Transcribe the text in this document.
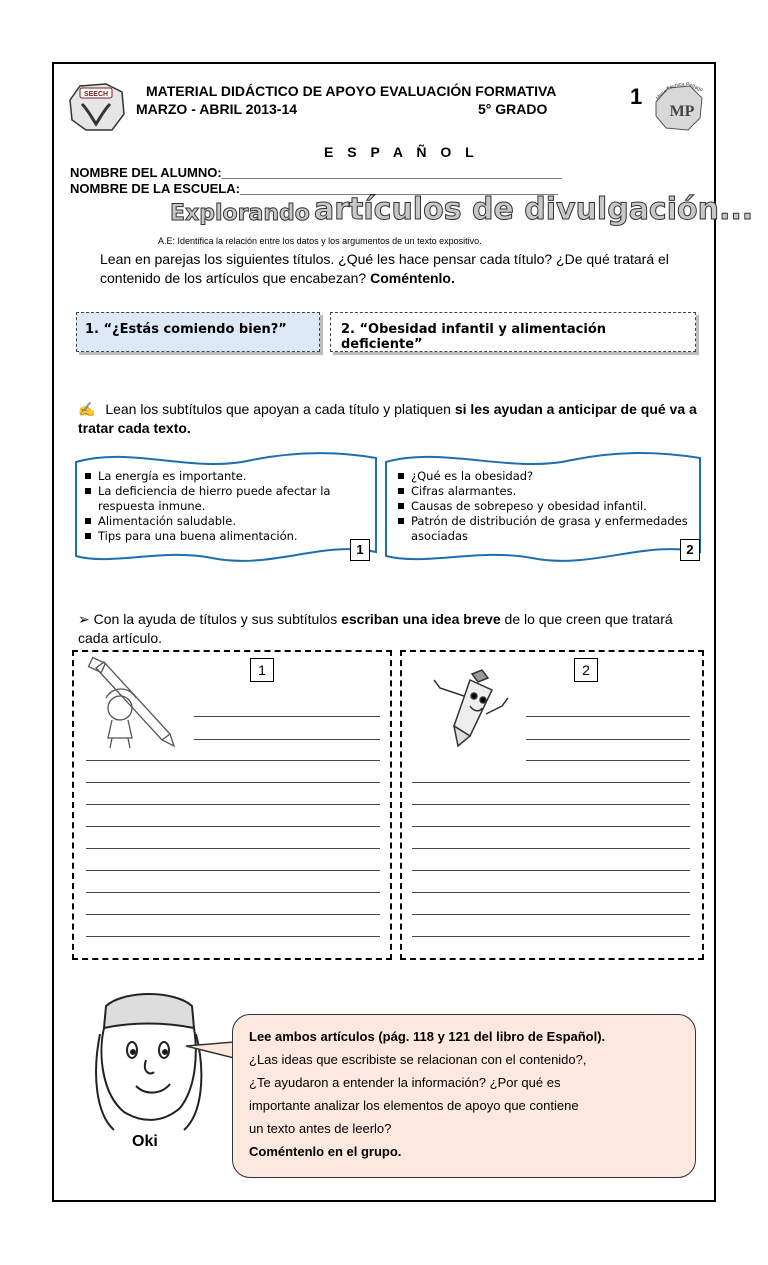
SEECH
MP
Mesa Técnica Pedagó
MATERIAL DIDÁCTICO DE APOYO EVALUACIÓN FORMATIVA
MARZO - ABRIL 2013-14	5° GRADO	1
E S P A Ñ O L
NOMBRE DEL ALUMNO:_______________________________________________
NOMBRE DE LA ESCUELA:____________________________________________
Explorando artículos de divulgación...
A.E: Identifica la relación entre los datos y los argumentos de un texto expositivo.
Lean en parejas los siguientes títulos. ¿Qué les hace pensar cada título? ¿De qué tratará el contenido de los artículos que encabezan? Coméntenlo.
1. “¿Estás comiendo bien?”	2. “Obesidad infantil y alimentación deficiente”
✍ Lean los subtítulos que apoyan a cada título y platiquen si les ayudan a anticipar de qué va a tratar cada texto.
La energía es importante.
La deficiencia de hierro puede afectar la respuesta inmune.
Alimentación saludable.
Tips para una buena alimentación.
1
¿Qué es la obesidad?
Cifras alarmantes.
Causas de sobrepeso y obesidad infantil.
Patrón de distribución de grasa y enfermedades asociadas
2
➢ Con la ayuda de títulos y sus subtítulos escriban una idea breve de lo que creen que tratará cada artículo.
1	2
Oki
Lee ambos artículos (pág. 118 y 121 del libro de Español).
¿Las ideas que escribiste se relacionan con el contenido?,
¿Te ayudaron a entender la información? ¿Por qué es
importante analizar los elementos de apoyo que contiene
un texto antes de leerlo?
Coméntenlo en el grupo.
